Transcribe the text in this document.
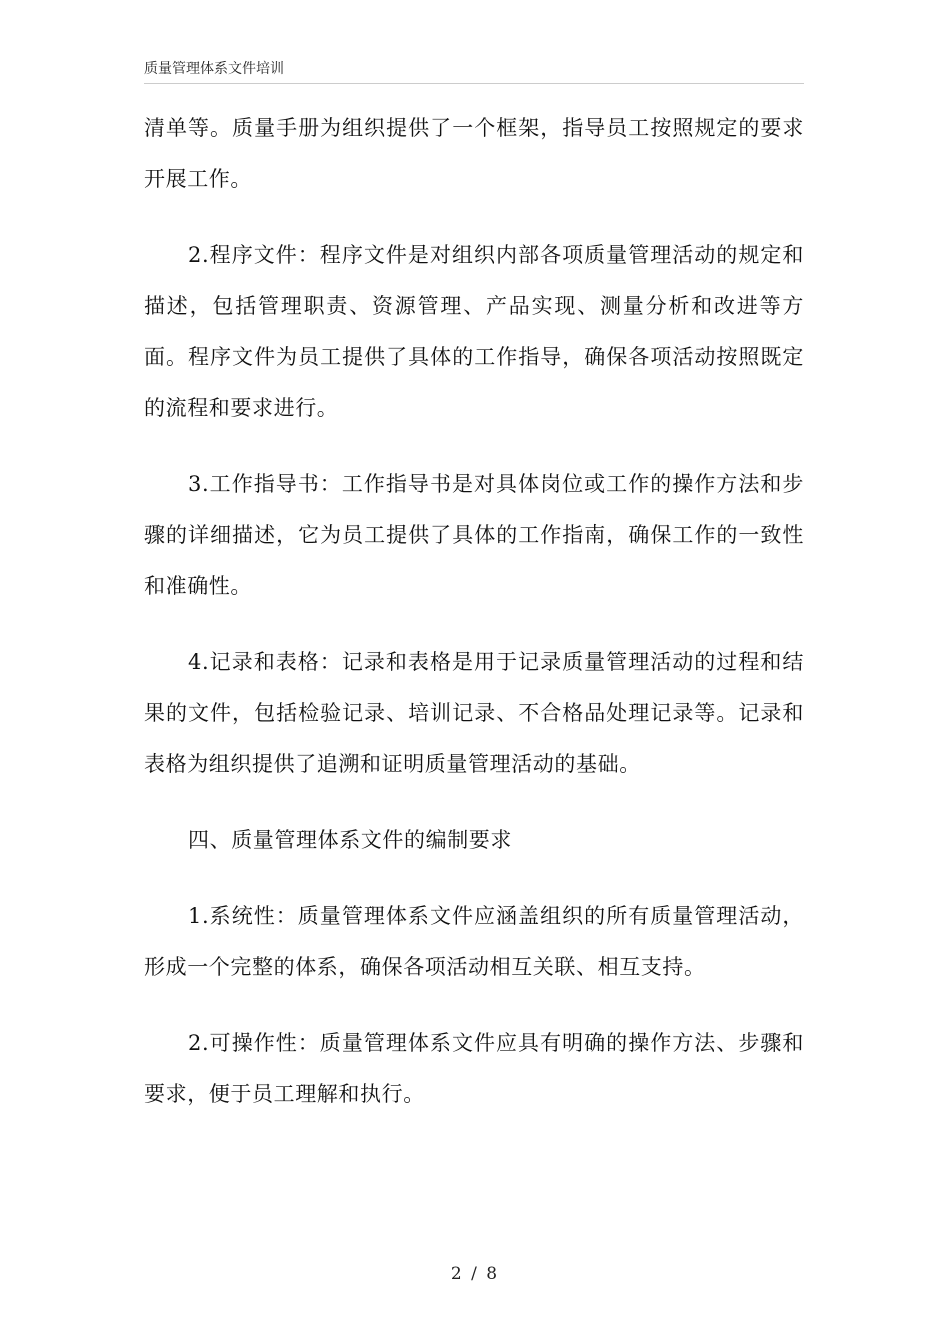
质量管理体系文件培训

清单等。质量手册为组织提供了一个框架，指导员工按照规定的要求开展工作。

2.程序文件：程序文件是对组织内部各项质量管理活动的规定和描述，包括管理职责、资源管理、产品实现、测量分析和改进等方面。程序文件为员工提供了具体的工作指导，确保各项活动按照既定的流程和要求进行。

3.工作指导书：工作指导书是对具体岗位或工作的操作方法和步骤的详细描述，它为员工提供了具体的工作指南，确保工作的一致性和准确性。

4.记录和表格：记录和表格是用于记录质量管理活动的过程和结果的文件，包括检验记录、培训记录、不合格品处理记录等。记录和表格为组织提供了追溯和证明质量管理活动的基础。

四、质量管理体系文件的编制要求

1.系统性：质量管理体系文件应涵盖组织的所有质量管理活动，形成一个完整的体系，确保各项活动相互关联、相互支持。

2.可操作性：质量管理体系文件应具有明确的操作方法、步骤和要求，便于员工理解和执行。

2 / 8
